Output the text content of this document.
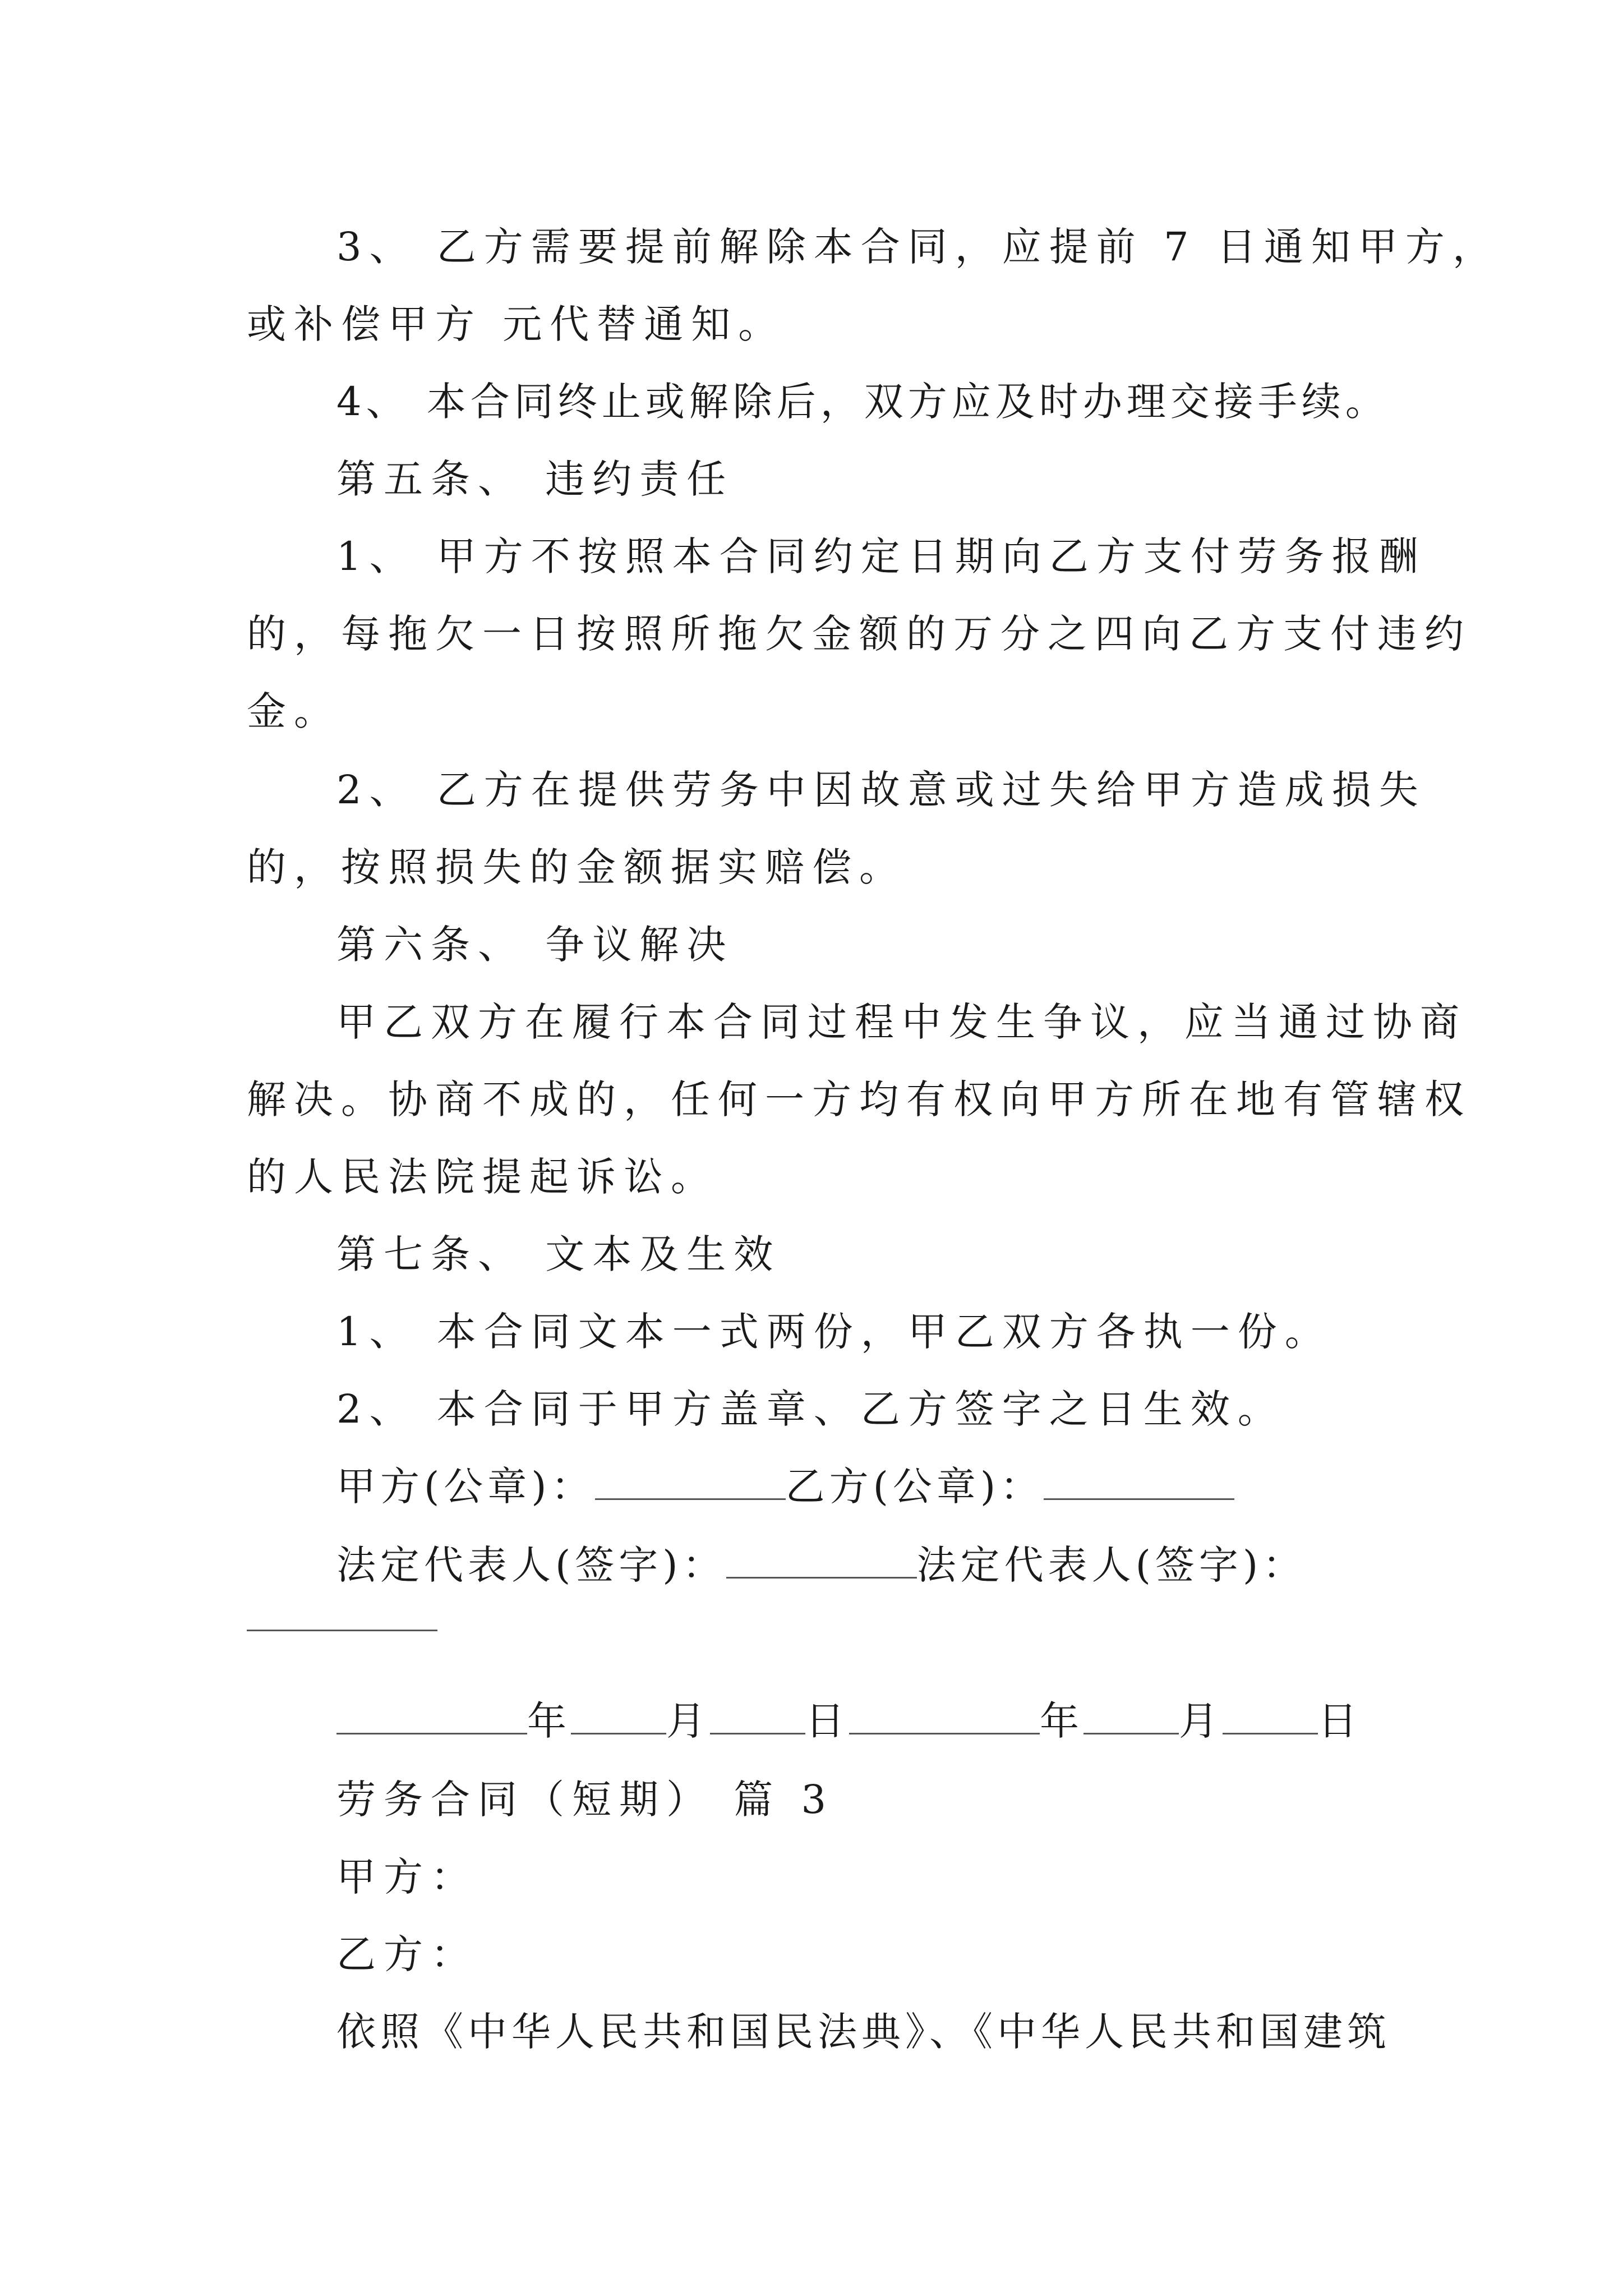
3、 乙方需要提前解除本合同，应提前 7 日通知甲方，
或补偿甲方 元代替通知。
4、 本合同终止或解除后，双方应及时办理交接手续。
第五条、 违约责任
1、 甲方不按照本合同约定日期向乙方支付劳务报酬
的，每拖欠一日按照所拖欠金额的万分之四向乙方支付违约
金。
2、 乙方在提供劳务中因故意或过失给甲方造成损失
的，按照损失的金额据实赔偿。
第六条、 争议解决
甲乙双方在履行本合同过程中发生争议，应当通过协商
解决。协商不成的，任何一方均有权向甲方所在地有管辖权
的人民法院提起诉讼。
第七条、 文本及生效
1、 本合同文本一式两份，甲乙双方各执一份。
2、 本合同于甲方盖章、乙方签字之日生效。
甲方(公章)：	乙方(公章)：
法定代表人(签字)：	法定代表人(签字)：
年 月 日	年 月 日
劳务合同（短期） 篇 3
甲方：
乙方：
依照《中华人民共和国民法典》、《中华人民共和国建筑
